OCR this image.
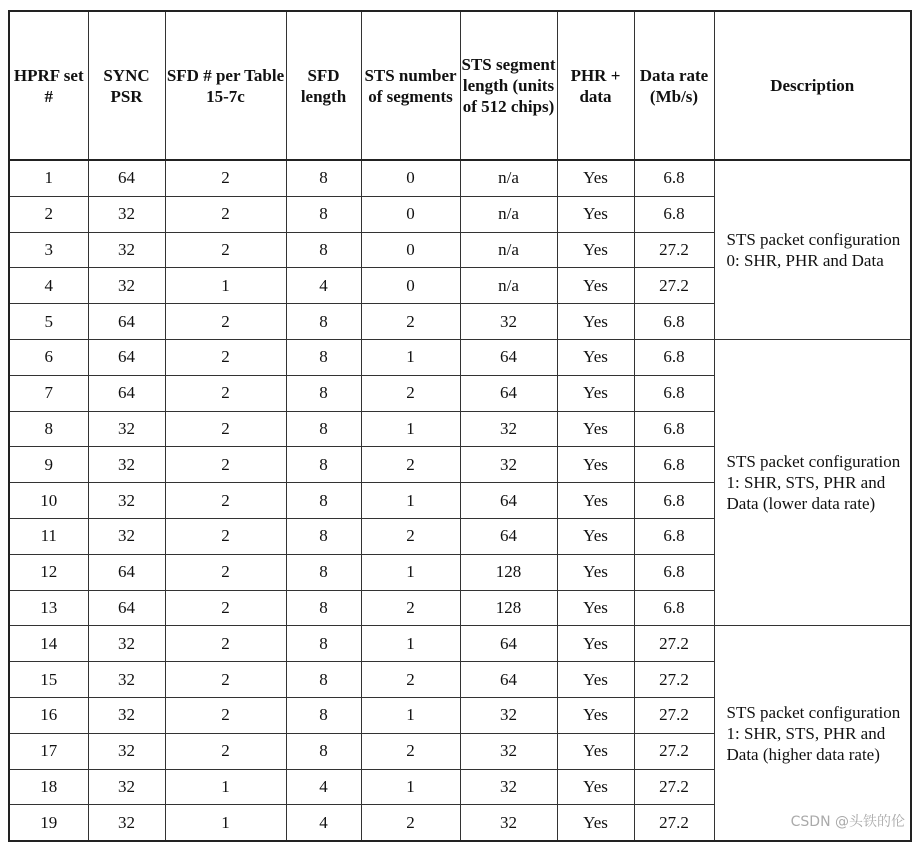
HPRF set #	SYNC PSR	SFD # per Table 15-7c	SFD length	STS number of segments	STS segment length (units of 512 chips)	PHR + data	Data rate (Mb/s)	Description
1	64	2	8	0	n/a	Yes	6.8	STS packet configuration 0: SHR, PHR and Data
2	32	2	8	0	n/a	Yes	6.8	
3	32	2	8	0	n/a	Yes	27.2	
4	32	1	4	0	n/a	Yes	27.2	
5	64	2	8	2	32	Yes	6.8	
6	64	2	8	1	64	Yes	6.8	STS packet configuration 1: SHR, STS, PHR and Data (lower data rate)
7	64	2	8	2	64	Yes	6.8	
8	32	2	8	1	32	Yes	6.8	
9	32	2	8	2	32	Yes	6.8	
10	32	2	8	1	64	Yes	6.8	
11	32	2	8	2	64	Yes	6.8	
12	64	2	8	1	128	Yes	6.8	
13	64	2	8	2	128	Yes	6.8	
14	32	2	8	1	64	Yes	27.2	STS packet configuration 1: SHR, STS, PHR and Data (higher data rate)
15	32	2	8	2	64	Yes	27.2	
16	32	2	8	1	32	Yes	27.2	
17	32	2	8	2	32	Yes	27.2	
18	32	1	4	1	32	Yes	27.2	
19	32	1	4	2	32	Yes	27.2		CSDN @头铁的伦
